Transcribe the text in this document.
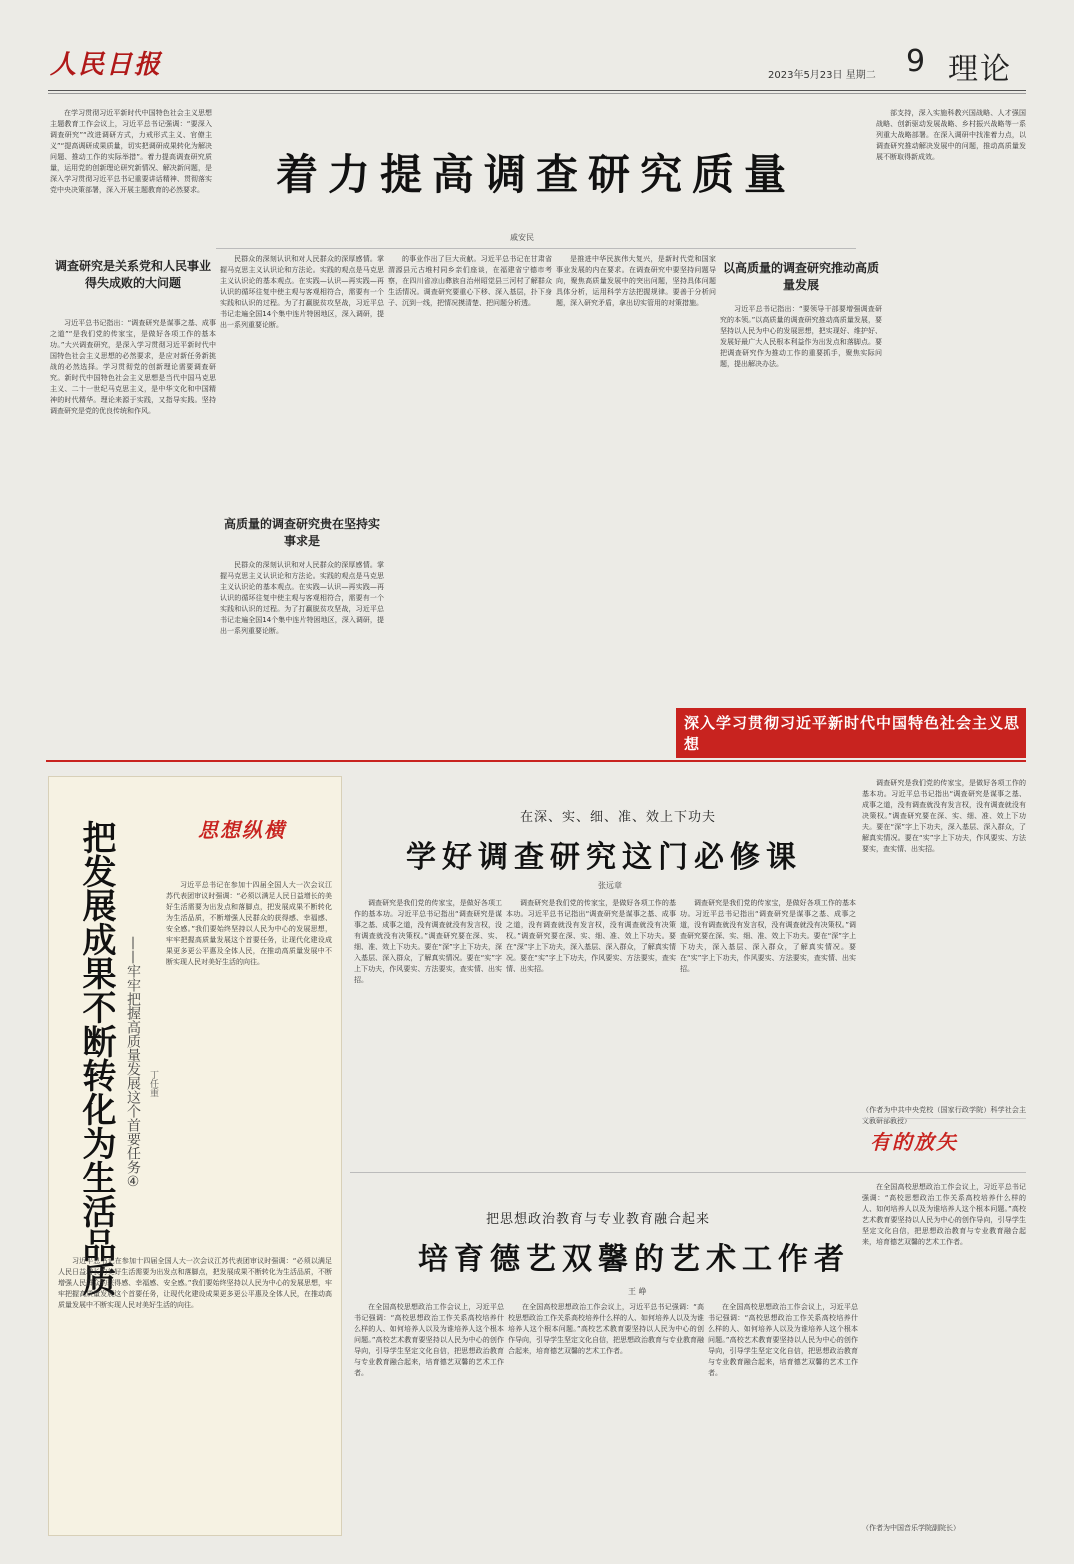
人民日报	2023年5月23日 星期二 9 理论

在学习贯彻习近平新时代中国特色社会主义思想主题教育工作会议上，习近平总书记强调：“要深入调查研究”“改进调研方式，力戒形式主义、官僚主义”“提高调研成果质量，切实把调研成果转化为解决问题、推动工作的实际举措”。着力提高调查研究质量，运用党的创新理论研究新情况、解决新问题，是深入学习贯彻习近平总书记重要讲话精神、贯彻落实党中央决策部署，深入开展主题教育的必然要求。 着力提高调查研究质量
戚安民
调查研究是关系党和人民事业得失成败的大问题

习近平总书记指出：“调查研究是谋事之基、成事之道”“是我们党的传家宝，是做好各项工作的基本功。”大兴调查研究，是深入学习贯彻习近平新时代中国特色社会主义思想的必然要求，是应对新任务新挑战的必然选择。学习贯彻党的创新理论需要调查研究。新时代中国特色社会主义思想是当代中国马克思主义、二十一世纪马克思主义，是中华文化和中国精神的时代精华。理论来源于实践，又指导实践。坚持调查研究是党的优良传统和作风。

民群众的深刻认识和对人民群众的深厚感情。掌握马克思主义认识论和方法论。实践的观点是马克思主义认识论的基本观点。在实践—认识—再实践—再认识的循环往复中使主观与客观相符合，需要有一个实践和认识的过程。为了打赢脱贫攻坚战，习近平总书记走遍全国14个集中连片特困地区，深入调研，提出一系列重要论断。

高质量的调查研究贵在坚持实事求是

民群众的深刻认识和对人民群众的深厚感情。掌握马克思主义认识论和方法论。实践的观点是马克思主义认识论的基本观点。在实践—认识—再实践—再认识的循环往复中使主观与客观相符合，需要有一个实践和认识的过程。为了打赢脱贫攻坚战，习近平总书记走遍全国14个集中连片特困地区，深入调研，提出一系列重要论断。

的事业作出了巨大贡献。习近平总书记在甘肃省渭源县元古堆村同乡亲们座谈，在福建省宁德市考察，在四川省凉山彝族自治州昭觉县三河村了解群众生活情况。调查研究要重心下移、深入基层，扑下身子、沉到一线，把情况摸清楚、把问题分析透。

是推进中华民族伟大复兴，是新时代党和国家事业发展的内在要求。在调查研究中要坚持问题导向，聚焦高质量发展中的突出问题，坚持具体问题具体分析，运用科学方法把握规律。要善于分析问题，深入研究矛盾，拿出切实管用的对策措施。

以高质量的调查研究推动高质量发展

习近平总书记指出：“要领导干部要增强调查研究的本领。”以高质量的调查研究推动高质量发展，要坚持以人民为中心的发展思想，把实现好、维护好、发展好最广大人民根本利益作为出发点和落脚点。要把调查研究作为推动工作的重要抓手，聚焦实际问题，提出解决办法。

部支持，深入实施科教兴国战略、人才强国战略、创新驱动发展战略、乡村振兴战略等一系列重大战略部署。在深入调研中找准着力点，以调查研究推动解决发展中的问题，推动高质量发展不断取得新成效。

深入学习贯彻习近平新时代中国特色社会主义思想
思想纵横
把发展成果不断转化为生活品质 ——牢牢把握高质量发展这个首要任务④ 丁任重

习近平总书记在参加十四届全国人大一次会议江苏代表团审议时强调：“必须以满足人民日益增长的美好生活需要为出发点和落脚点，把发展成果不断转化为生活品质，不断增强人民群众的获得感、幸福感、安全感。”我们要始终坚持以人民为中心的发展思想，牢牢把握高质量发展这个首要任务，让现代化建设成果更多更公平惠及全体人民，在推动高质量发展中不断实现人民对美好生活的向往。

习近平总书记在参加十四届全国人大一次会议江苏代表团审议时强调：“必须以满足人民日益增长的美好生活需要为出发点和落脚点，把发展成果不断转化为生活品质，不断增强人民群众的获得感、幸福感、安全感。”我们要始终坚持以人民为中心的发展思想，牢牢把握高质量发展这个首要任务，让现代化建设成果更多更公平惠及全体人民，在推动高质量发展中不断实现人民对美好生活的向往。

在深、实、细、准、效上下功夫
学好调查研究这门必修课
张远章

调查研究是我们党的传家宝，是做好各项工作的基本功。习近平总书记指出“调查研究是谋事之基、成事之道，没有调查就没有发言权，没有调查就没有决策权。”调查研究要在深、实、细、准、效上下功夫。要在“深”字上下功夫，深入基层、深入群众，了解真实情况。要在“实”字上下功夫，作风要实、方法要实，查实情、出实招。

调查研究是我们党的传家宝，是做好各项工作的基本功。习近平总书记指出“调查研究是谋事之基、成事之道，没有调查就没有发言权，没有调查就没有决策权。”调查研究要在深、实、细、准、效上下功夫。要在“深”字上下功夫，深入基层、深入群众，了解真实情况。要在“实”字上下功夫，作风要实、方法要实，查实情、出实招。

调查研究是我们党的传家宝，是做好各项工作的基本功。习近平总书记指出“调查研究是谋事之基、成事之道，没有调查就没有发言权，没有调查就没有决策权。”调查研究要在深、实、细、准、效上下功夫。要在“深”字上下功夫，深入基层、深入群众，了解真实情况。要在“实”字上下功夫，作风要实、方法要实，查实情、出实招。

调查研究是我们党的传家宝，是做好各项工作的基本功。习近平总书记指出“调查研究是谋事之基、成事之道，没有调查就没有发言权，没有调查就没有决策权。”调查研究要在深、实、细、准、效上下功夫。要在“深”字上下功夫，深入基层、深入群众，了解真实情况。要在“实”字上下功夫，作风要实、方法要实，查实情、出实招。

（作者为中共中央党校（国家行政学院）科学社会主义教研部教授）

有的放矢
把思想政治教育与专业教育融合起来
培育德艺双馨的艺术工作者
王 峥

在全国高校思想政治工作会议上，习近平总书记强调：“高校思想政治工作关系高校培养什么样的人、如何培养人以及为谁培养人这个根本问题。”高校艺术教育要坚持以人民为中心的创作导向，引导学生坚定文化自信，把思想政治教育与专业教育融合起来，培育德艺双馨的艺术工作者。

在全国高校思想政治工作会议上，习近平总书记强调：“高校思想政治工作关系高校培养什么样的人、如何培养人以及为谁培养人这个根本问题。”高校艺术教育要坚持以人民为中心的创作导向，引导学生坚定文化自信，把思想政治教育与专业教育融合起来，培育德艺双馨的艺术工作者。

在全国高校思想政治工作会议上，习近平总书记强调：“高校思想政治工作关系高校培养什么样的人、如何培养人以及为谁培养人这个根本问题。”高校艺术教育要坚持以人民为中心的创作导向，引导学生坚定文化自信，把思想政治教育与专业教育融合起来，培育德艺双馨的艺术工作者。

在全国高校思想政治工作会议上，习近平总书记强调：“高校思想政治工作关系高校培养什么样的人、如何培养人以及为谁培养人这个根本问题。”高校艺术教育要坚持以人民为中心的创作导向，引导学生坚定文化自信，把思想政治教育与专业教育融合起来，培育德艺双馨的艺术工作者。

（作者为中国音乐学院副院长）
